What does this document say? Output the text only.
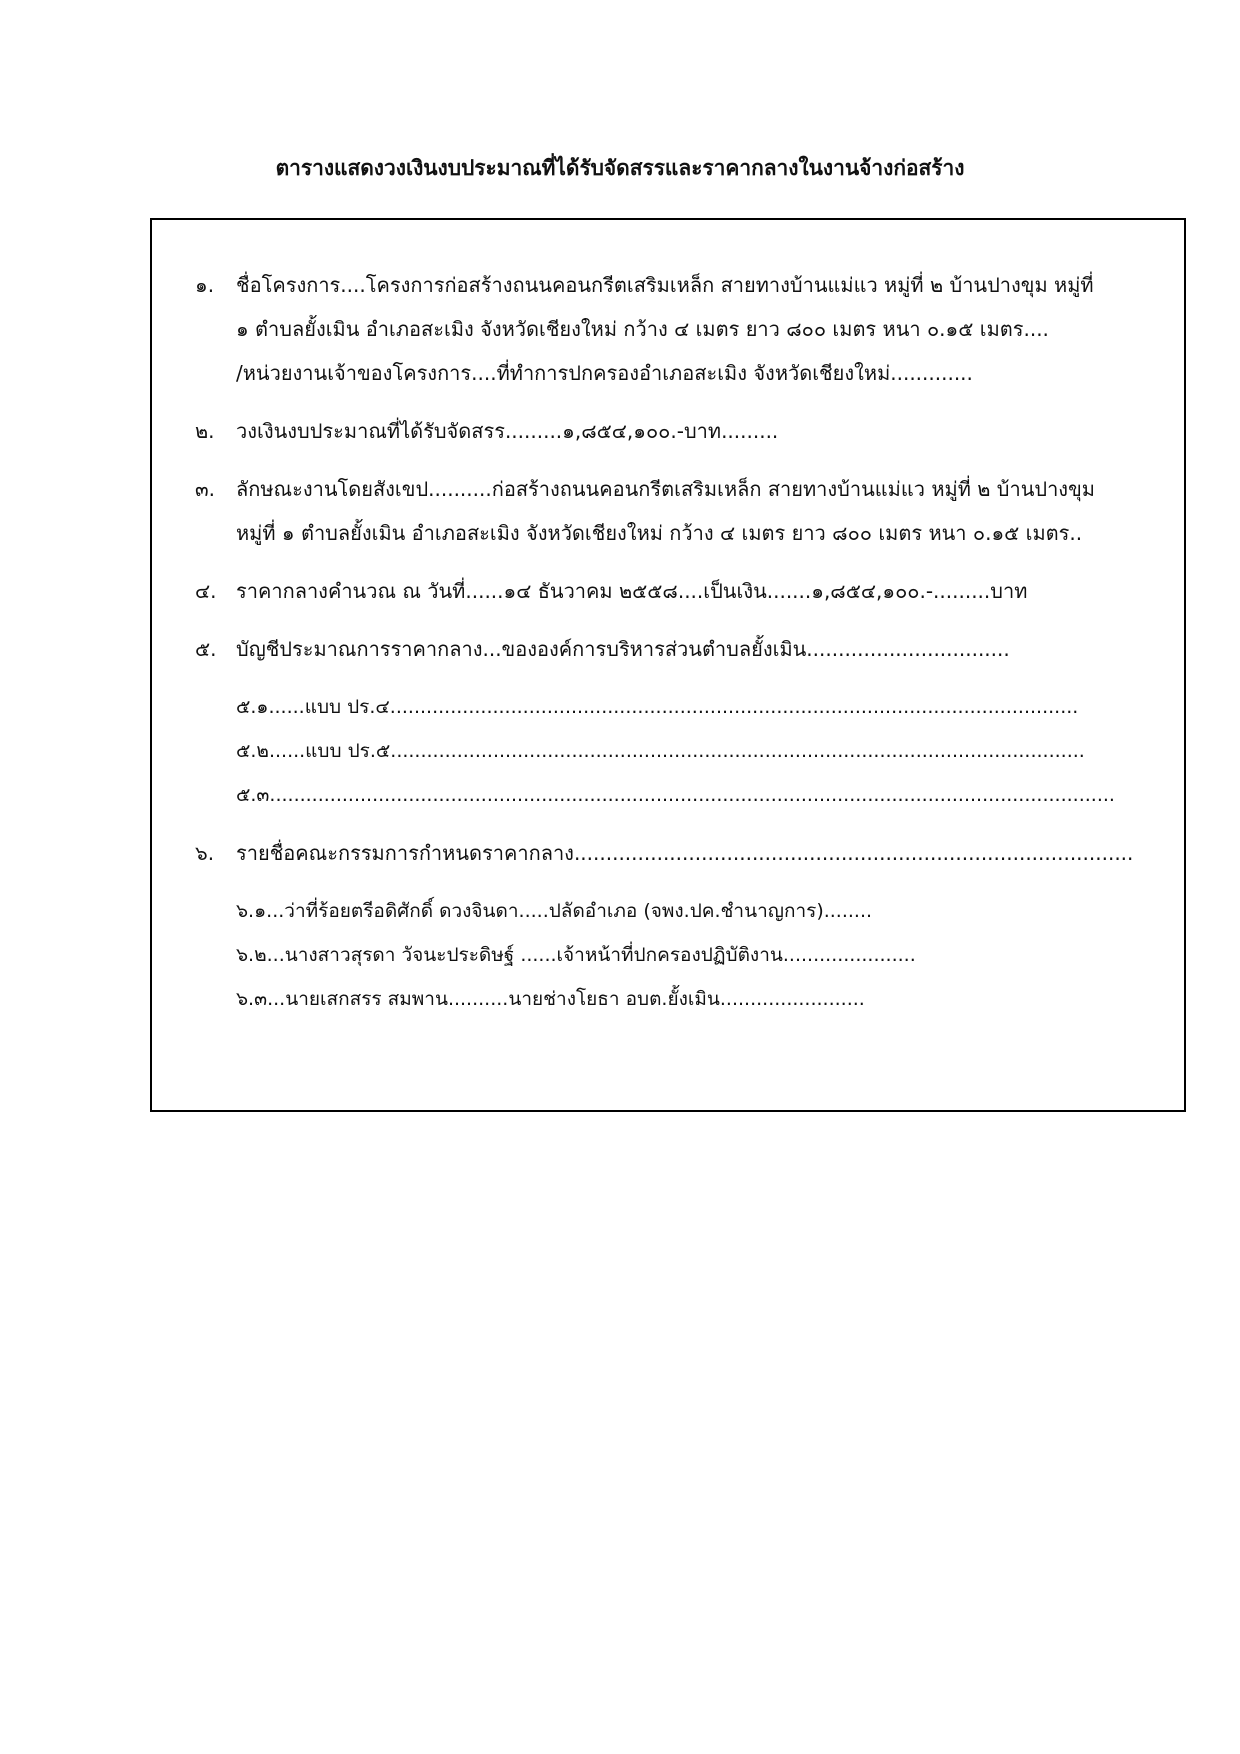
ตารางแสดงวงเงินงบประมาณที่ได้รับจัดสรรและราคากลางในงานจ้างก่อสร้าง
๑. ชื่อโครงการ....โครงการก่อสร้างถนนคอนกรีตเสริมเหล็ก สายทางบ้านแม่แว หมู่ที่ ๒ บ้านปางขุม หมู่ที่
๑ ตำบลยั้งเมิน อำเภอสะเมิง จังหวัดเชียงใหม่ กว้าง ๔ เมตร ยาว ๘๐๐ เมตร หนา ๐.๑๕ เมตร....
/หน่วยงานเจ้าของโครงการ....ที่ทำการปกครองอำเภอสะเมิง จังหวัดเชียงใหม่.............
๒. วงเงินงบประมาณที่ได้รับจัดสรร.........๑,๘๕๔,๑๐๐.-บาท.........
๓. ลักษณะงานโดยสังเขป..........ก่อสร้างถนนคอนกรีตเสริมเหล็ก สายทางบ้านแม่แว หมู่ที่ ๒ บ้านปางขุม
หมู่ที่ ๑ ตำบลยั้งเมิน อำเภอสะเมิง จังหวัดเชียงใหม่ กว้าง ๔ เมตร ยาว ๘๐๐ เมตร หนา ๐.๑๕ เมตร..
๔. ราคากลางคำนวณ ณ วันที่......๑๔ ธันวาคม ๒๕๕๘....เป็นเงิน.......๑,๘๕๔,๑๐๐.-.........บาท
๕. บัญชีประมาณการราคากลาง...ขององค์การบริหารส่วนตำบลยั้งเมิน................................
๕.๑......แบบ ปร.๔..................................................................................................................
๕.๒......แบบ ปร.๕...................................................................................................................
๕.๓............................................................................................................................................
๖. รายชื่อคณะกรรมการกำหนดราคากลาง........................................................................................
๖.๑...ว่าที่ร้อยตรีอดิศักดิ์ ดวงจินดา.....ปลัดอำเภอ (จพง.ปค.ชำนาญการ)........
๖.๒...นางสาวสุรดา วัจนะประดิษฐ์ ......เจ้าหน้าที่ปกครองปฏิบัติงาน......................
๖.๓...นายเสกสรร สมพาน..........นายช่างโยธา อบต.ยั้งเมิน........................
